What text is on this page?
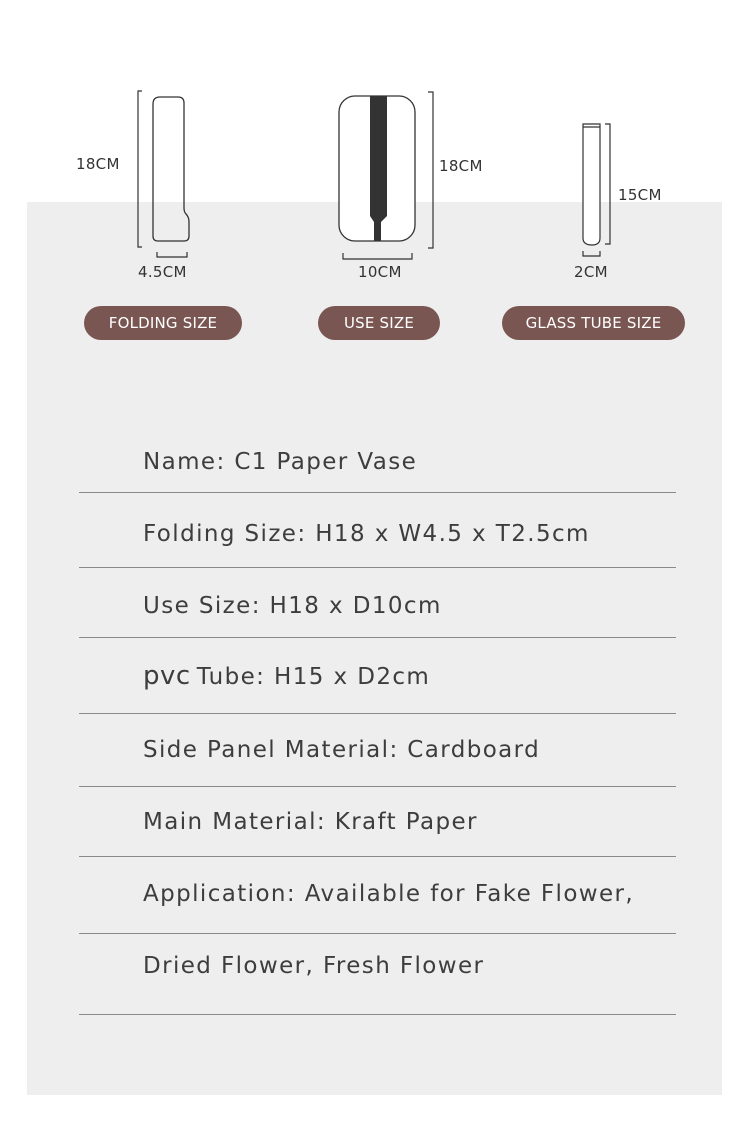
18CM
4.5CM
18CM
10CM
15CM
2CM
FOLDING SIZE	USE SIZE	GLASS TUBE SIZE
Name: C1 Paper Vase
Folding Size: H18 x W4.5 x T2.5cm
Use Size: H18 x D10cm
pvc Tube: H15 x D2cm
Side Panel Material: Cardboard
Main Material: Kraft Paper
Application: Available for Fake Flower,
Dried Flower, Fresh Flower
